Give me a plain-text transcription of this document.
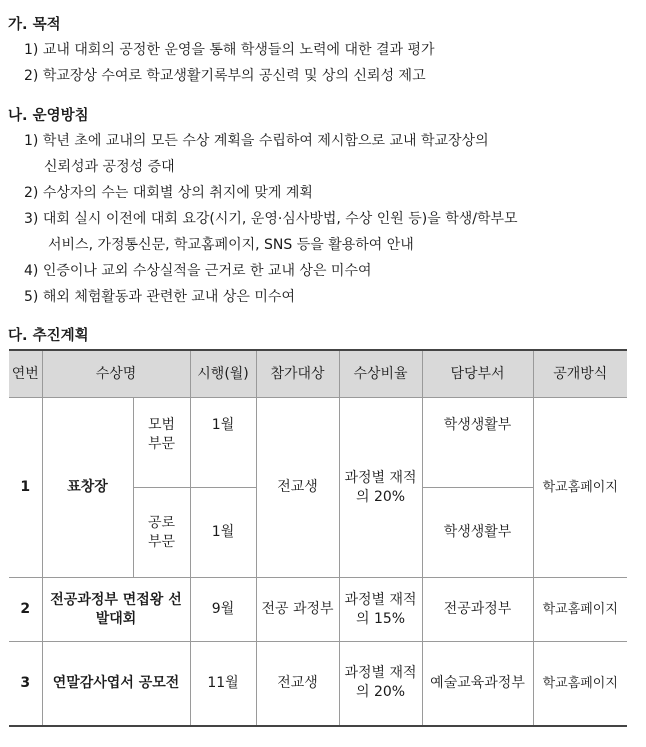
가. 목적
1) 교내 대회의 공정한 운영을 통해 학생들의 노력에 대한 결과 평가
2) 학교장상 수여로 학교생활기록부의 공신력 및 상의 신뢰성 제고
나. 운영방침
1) 학년 초에 교내의 모든 수상 계획을 수립하여 제시함으로 교내 학교장상의
신뢰성과 공정성 증대
2) 수상자의 수는 대회별 상의 취지에 맞게 계획
3) 대회 실시 이전에 대회 요강(시기, 운영·심사방법, 수상 인원 등)을 학생/학부모
서비스, 가정통신문, 학교홈페이지, SNS 등을 활용하여 안내
4) 인증이나 교외 수상실적을 근거로 한 교내 상은 미수여
5) 해외 체험활동과 관련한 교내 상은 미수여
다. 추진계획
연번	수상명		시행(월)	참가대상	수상비율	담당부서	공개방식
1	표창장	모범부문	1월	전교생	과정별 재적의 20%	학생생활부	학교홈페이지
		공로부문	1월			학생생활부	
2	전공과정부 면접왕 선발대회		9월	전공 과정부	과정별 재적의 15%	전공과정부	학교홈페이지
3	연말감사엽서 공모전		11월	전교생	과정별 재적의 20%	예술교육과정부	학교홈페이지
